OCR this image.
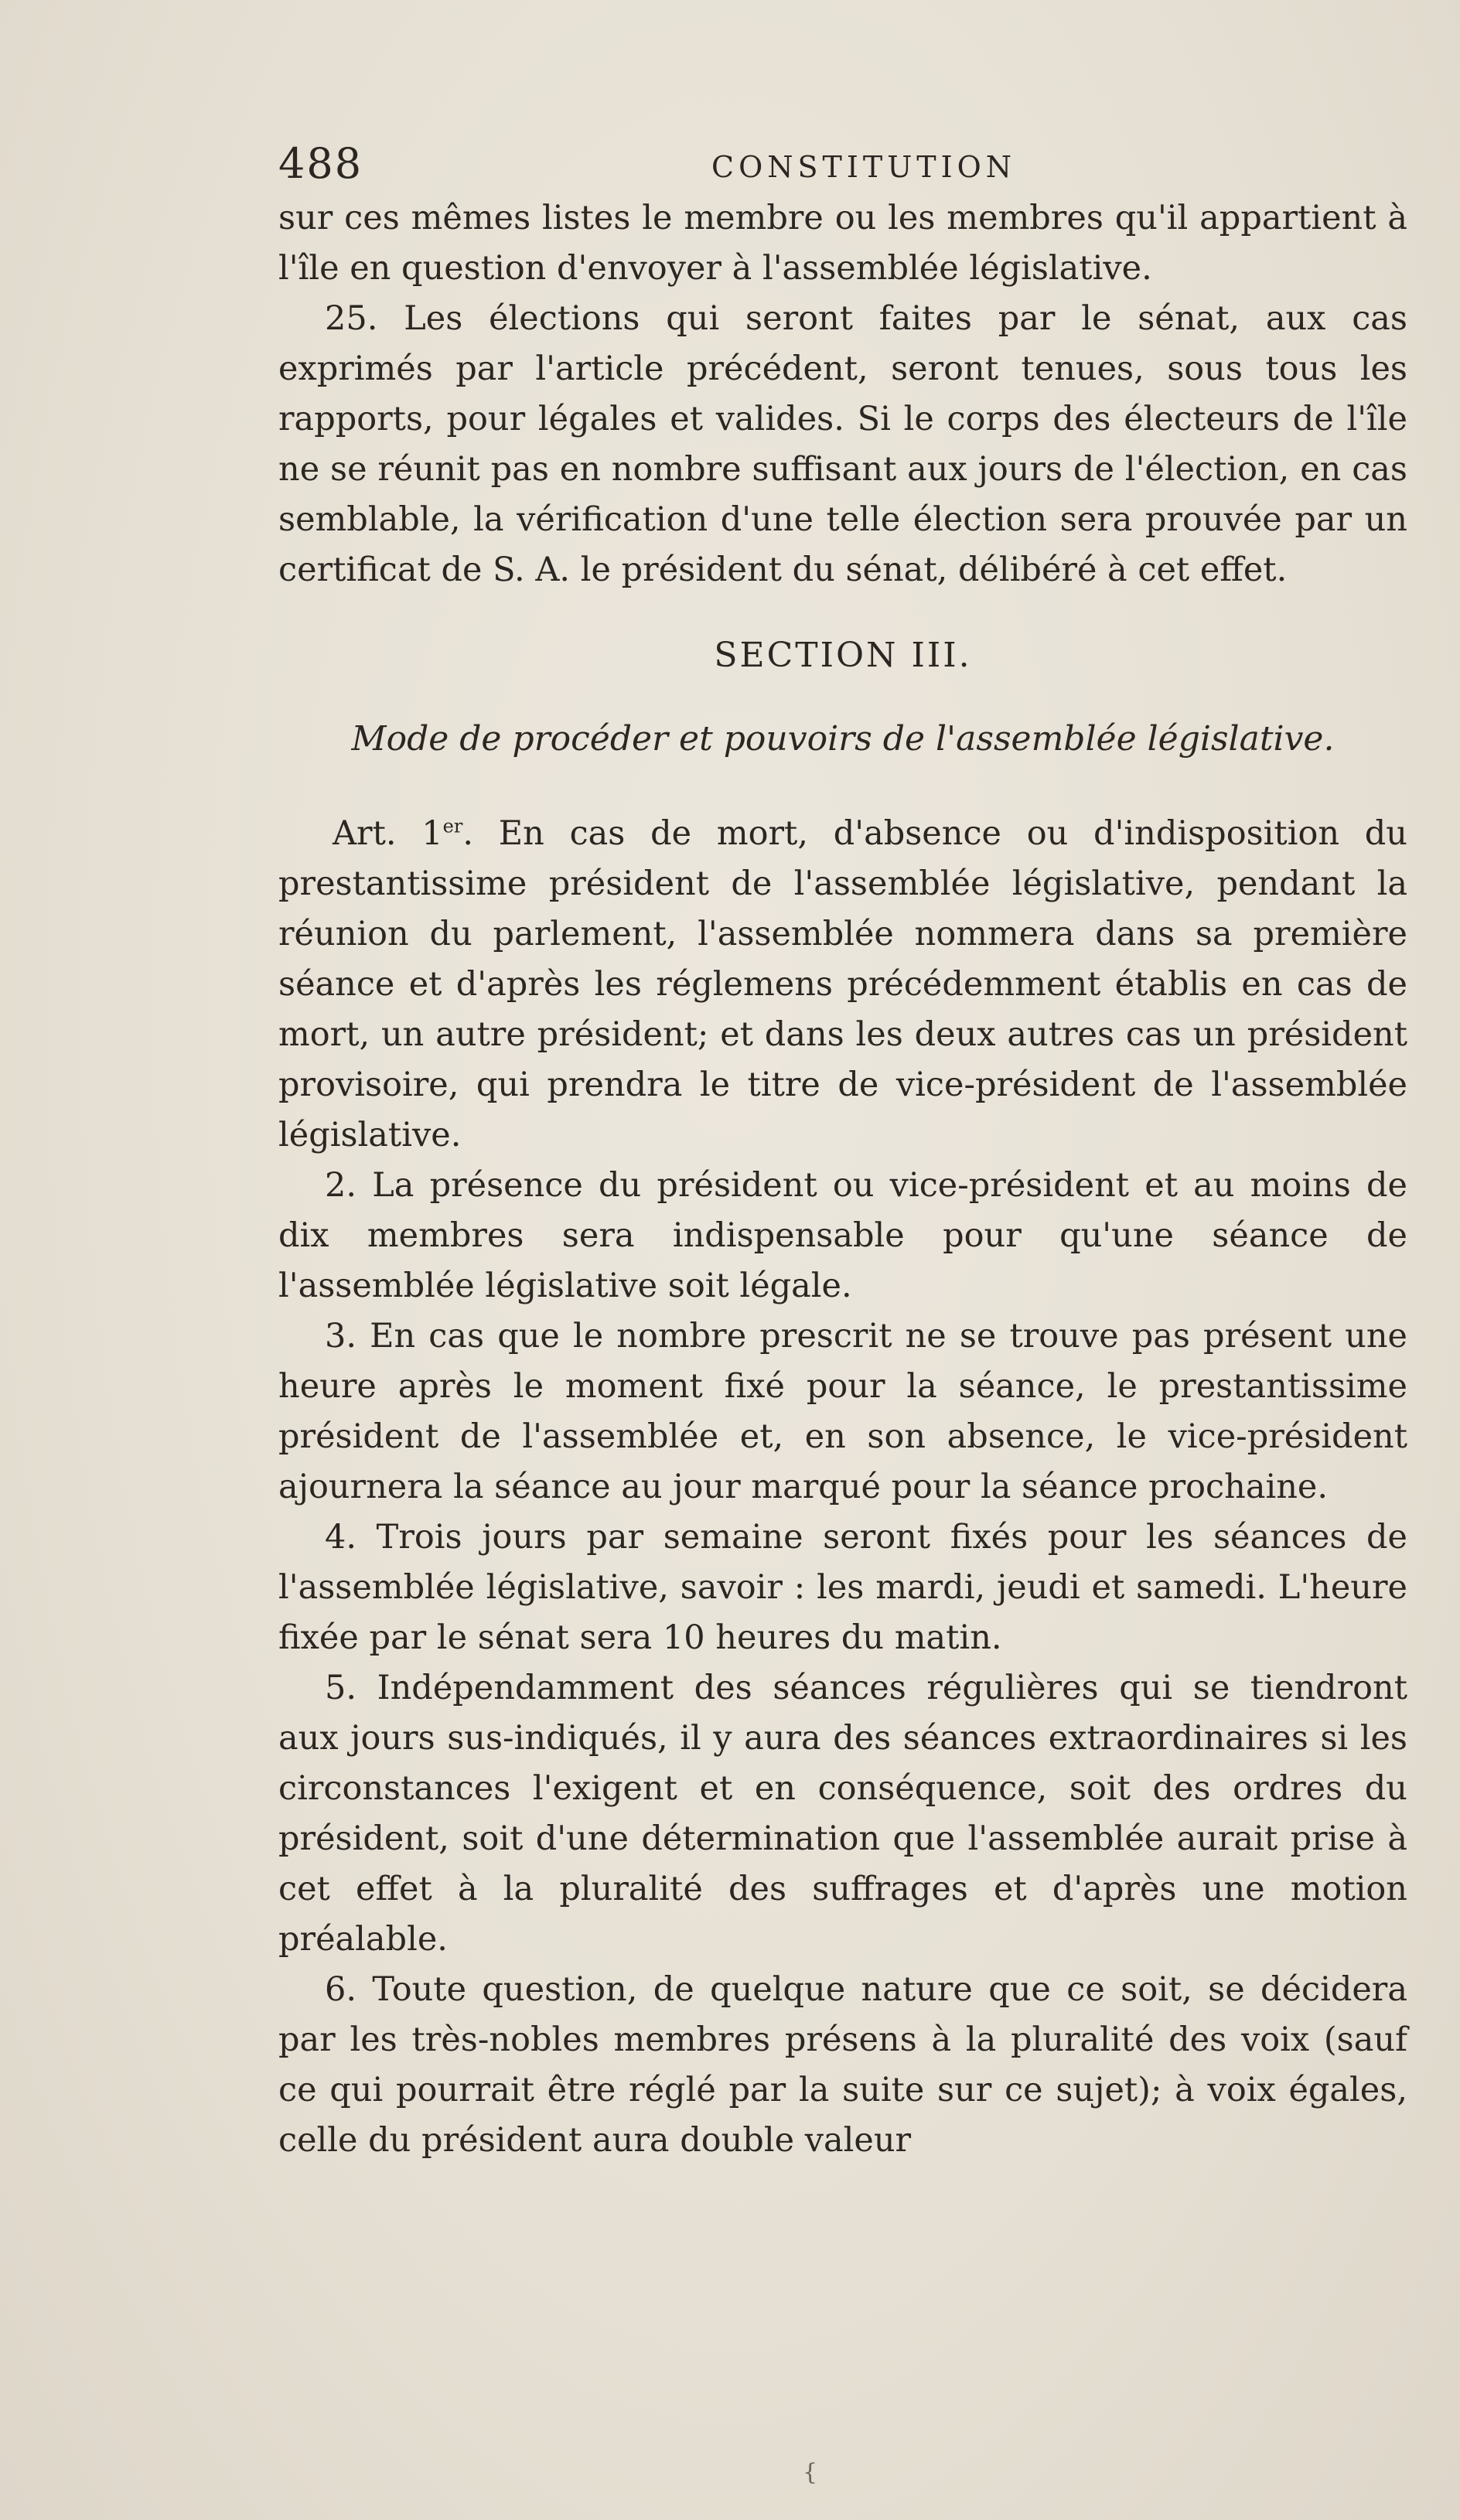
488	CONSTITUTION

sur ces mêmes listes le membre ou les membres qu'il appartient à l'île en question d'envoyer à l'assemblée législative.

25. Les élections qui seront faites par le sénat, aux cas exprimés par l'article précédent, seront tenues, sous tous les rapports, pour légales et valides. Si le corps des électeurs de l'île ne se réunit pas en nombre suffisant aux jours de l'élection, en cas semblable, la vérification d'une telle élection sera prouvée par un certificat de S. A. le président du sénat, délibéré à cet effet.

SECTION III.
Mode de procéder et pouvoirs de l'assemblée législative.

Art. 1er. En cas de mort, d'absence ou d'indisposition du prestantissime président de l'assemblée législative, pendant la réunion du parlement, l'assemblée nommera dans sa première séance et d'après les réglemens précédemment établis en cas de mort, un autre président; et dans les deux autres cas un président provisoire, qui prendra le titre de vice-président de l'assemblée législative.

2. La présence du président ou vice-président et au moins de dix membres sera indispensable pour qu'une séance de l'assemblée législative soit légale.

3. En cas que le nombre prescrit ne se trouve pas présent une heure après le moment fixé pour la séance, le prestantissime président de l'assemblée et, en son absence, le vice-président ajournera la séance au jour marqué pour la séance prochaine.

4. Trois jours par semaine seront fixés pour les séances de l'assemblée législative, savoir : les mardi, jeudi et samedi. L'heure fixée par le sénat sera 10 heures du matin.

5. Indépendamment des séances régulières qui se tiendront aux jours sus-indiqués, il y aura des séances extraordinaires si les circonstances l'exigent et en conséquence, soit des ordres du président, soit d'une détermination que l'assemblée aurait prise à cet effet à la pluralité des suffrages et d'après une motion préalable.

6. Toute question, de quelque nature que ce soit, se décidera par les très-nobles membres présens à la pluralité des voix (sauf ce qui pourrait être réglé par la suite sur ce sujet); à voix égales, celle du président aura double valeur

{
